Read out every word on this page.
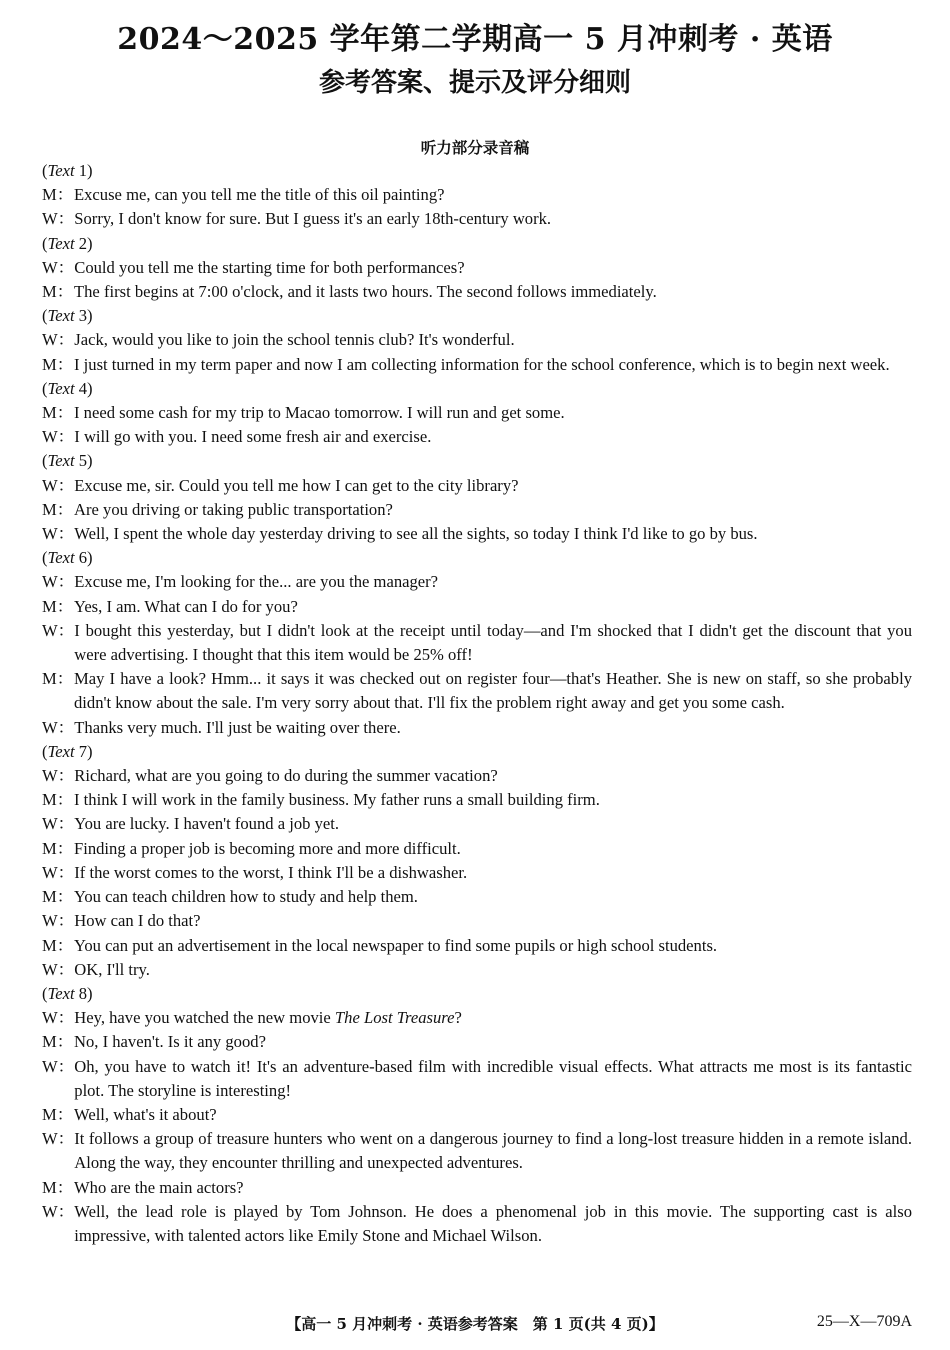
2024～2025 学年第二学期高一 5 月冲刺考 · 英语
参考答案、提示及评分细则
听力部分录音稿
(Text 1)
M： Excuse me, can you tell me the title of this oil painting?
W： Sorry, I don't know for sure. But I guess it's an early 18th-century work.
(Text 2)
W： Could you tell me the starting time for both performances?
M： The first begins at 7:00 o'clock, and it lasts two hours. The second follows immediately.
(Text 3)
W： Jack, would you like to join the school tennis club? It's wonderful.
M： I just turned in my term paper and now I am collecting information for the school conference, which is to begin next week.
(Text 4)
M： I need some cash for my trip to Macao tomorrow. I will run and get some.
W： I will go with you. I need some fresh air and exercise.
(Text 5)
W： Excuse me, sir. Could you tell me how I can get to the city library?
M： Are you driving or taking public transportation?
W： Well, I spent the whole day yesterday driving to see all the sights, so today I think I'd like to go by bus.
(Text 6)
W： Excuse me, I'm looking for the... are you the manager?
M： Yes, I am. What can I do for you?
W： I bought this yesterday, but I didn't look at the receipt until today—and I'm shocked that I didn't get the discount that you were advertising. I thought that this item would be 25% off!
M： May I have a look? Hmm... it says it was checked out on register four—that's Heather. She is new on staff, so she probably didn't know about the sale. I'm very sorry about that. I'll fix the problem right away and get you some cash.
W： Thanks very much. I'll just be waiting over there.
(Text 7)
W： Richard, what are you going to do during the summer vacation?
M： I think I will work in the family business. My father runs a small building firm.
W： You are lucky. I haven't found a job yet.
M： Finding a proper job is becoming more and more difficult.
W： If the worst comes to the worst, I think I'll be a dishwasher.
M： You can teach children how to study and help them.
W： How can I do that?
M： You can put an advertisement in the local newspaper to find some pupils or high school students.
W： OK, I'll try.
(Text 8)
W： Hey, have you watched the new movie The Lost Treasure?
M： No, I haven't. Is it any good?
W： Oh, you have to watch it! It's an adventure-based film with incredible visual effects. What attracts me most is its fantastic plot. The storyline is interesting!
M： Well, what's it about?
W： It follows a group of treasure hunters who went on a dangerous journey to find a long-lost treasure hidden in a remote island. Along the way, they encounter thrilling and unexpected adventures.
M： Who are the main actors?
W： Well, the lead role is played by Tom Johnson. He does a phenomenal job in this movie. The supporting cast is also impressive, with talented actors like Emily Stone and Michael Wilson.
【高一 5 月冲刺考 · 英语参考答案　第 1 页(共 4 页)】	25—X—709A
